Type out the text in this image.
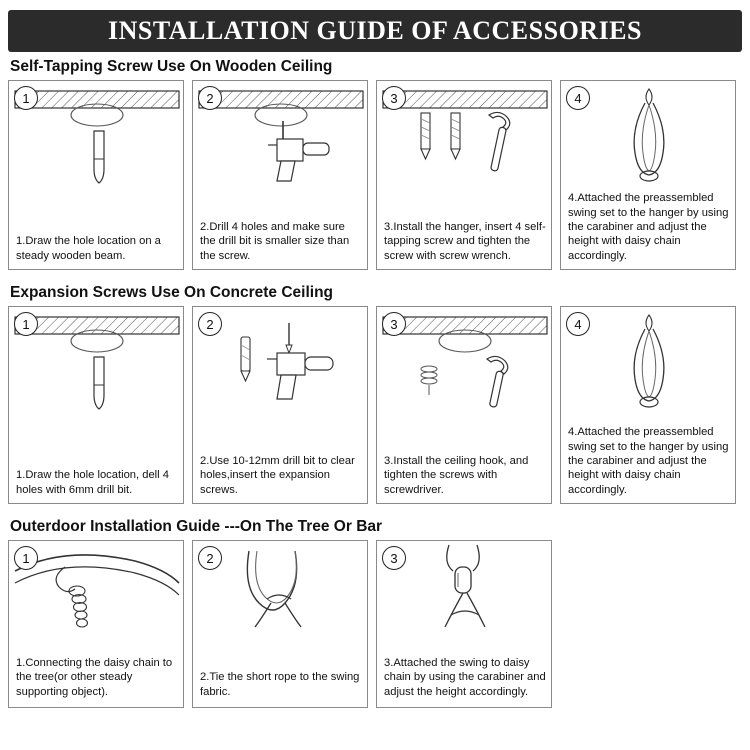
INSTALLATION GUIDE OF ACCESSORIES
Self-Tapping Screw Use On Wooden Ceiling
1
1.Draw the hole location on a steady wooden beam.
2
2.Drill 4 holes and make sure the drill bit is smaller size than the screw.
3
3.Install the hanger, insert 4 self-tapping screw and tighten the screw with screw wrench.
4
4.Attached the preassembled swing set to the hanger by using the carabiner and adjust the height with daisy chain accordingly.
Expansion Screws Use On Concrete Ceiling
1
1.Draw the hole location, dell 4 holes with 6mm drill bit.
2
2.Use 10-12mm drill bit to clear holes,insert the expansion screws.
3
3.Install the ceiling hook, and tighten the screws with screwdriver.
4
4.Attached the preassembled swing set to the hanger by using the carabiner and adjust the height with daisy chain accordingly.
Outerdoor Installation Guide ---On The Tree Or Bar
1
1.Connecting the daisy chain to the tree(or other steady supporting object).
2
2.Tie the short rope to the swing fabric.
3
3.Attached the swing to daisy chain by using the carabiner and adjust the height accordingly.
